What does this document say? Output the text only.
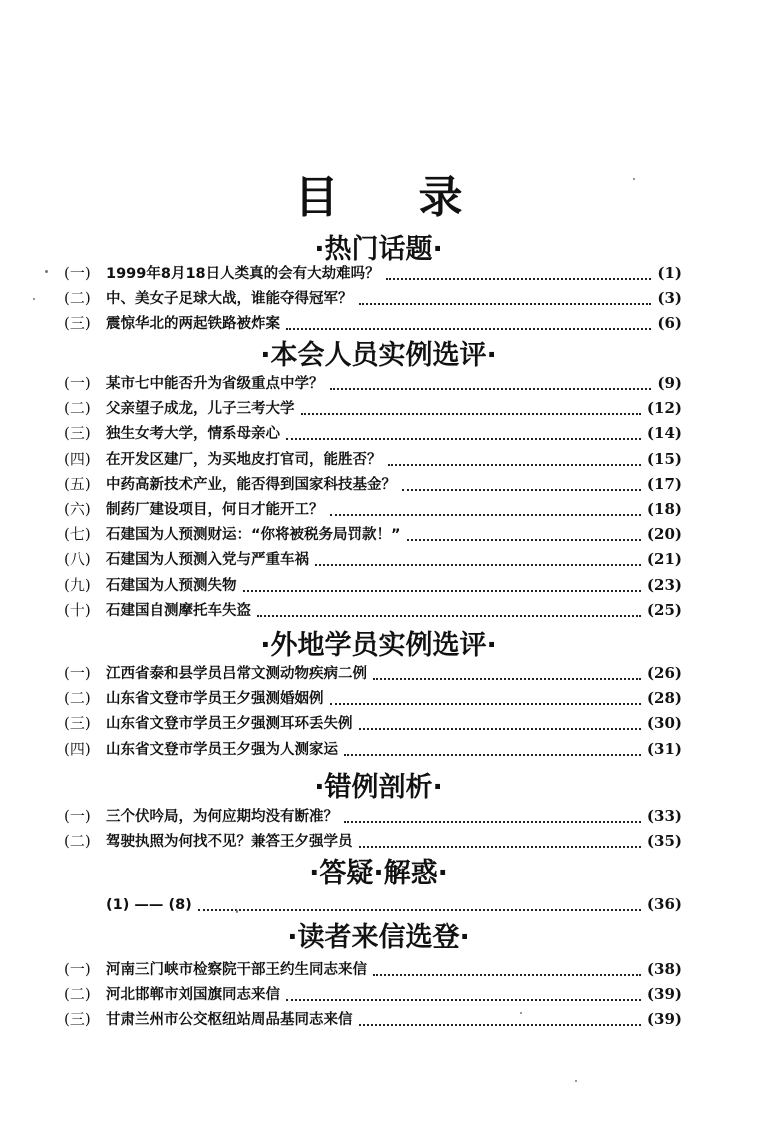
目录
·热门话题·
(一)	1999年8月18日人类真的会有大劫难吗？	(1)
(二)	中、美女子足球大战，谁能夺得冠军？	(3)
(三)	震惊华北的两起铁路被炸案	(6)
·本会人员实例选评·
(一)	某市七中能否升为省级重点中学？	(9)
(二)	父亲望子成龙，儿子三考大学	(12)
(三)	独生女考大学，情系母亲心	(14)
(四)	在开发区建厂，为买地皮打官司，能胜否？	(15)
(五)	中药高新技术产业，能否得到国家科技基金？	(17)
(六)	制药厂建设项目，何日才能开工？	(18)
(七)	石建国为人预测财运：“你将被税务局罚款！”	(20)
(八)	石建国为人预测入党与严重车祸	(21)
(九)	石建国为人预测失物	(23)
(十)	石建国自测摩托车失盗	(25)
·外地学员实例选评·
(一)	江西省泰和县学员吕常文测动物疾病二例	(26)
(二)	山东省文登市学员王夕强测婚姻例	(28)
(三)	山东省文登市学员王夕强测耳环丢失例	(30)
(四)	山东省文登市学员王夕强为人测家运	(31)
·错例剖析·
(一)	三个伏吟局，为何应期均没有断准？	(33)
(二)	驾驶执照为何找不见？兼答王夕强学员	(35)
·答疑·解惑·
(1) —— (8)	(36)
·读者来信选登·
(一)	河南三门峡市检察院干部王约生同志来信	(38)
(二)	河北邯郸市刘国旗同志来信	(39)
(三)	甘肃兰州市公交枢纽站周品基同志来信	(39)
